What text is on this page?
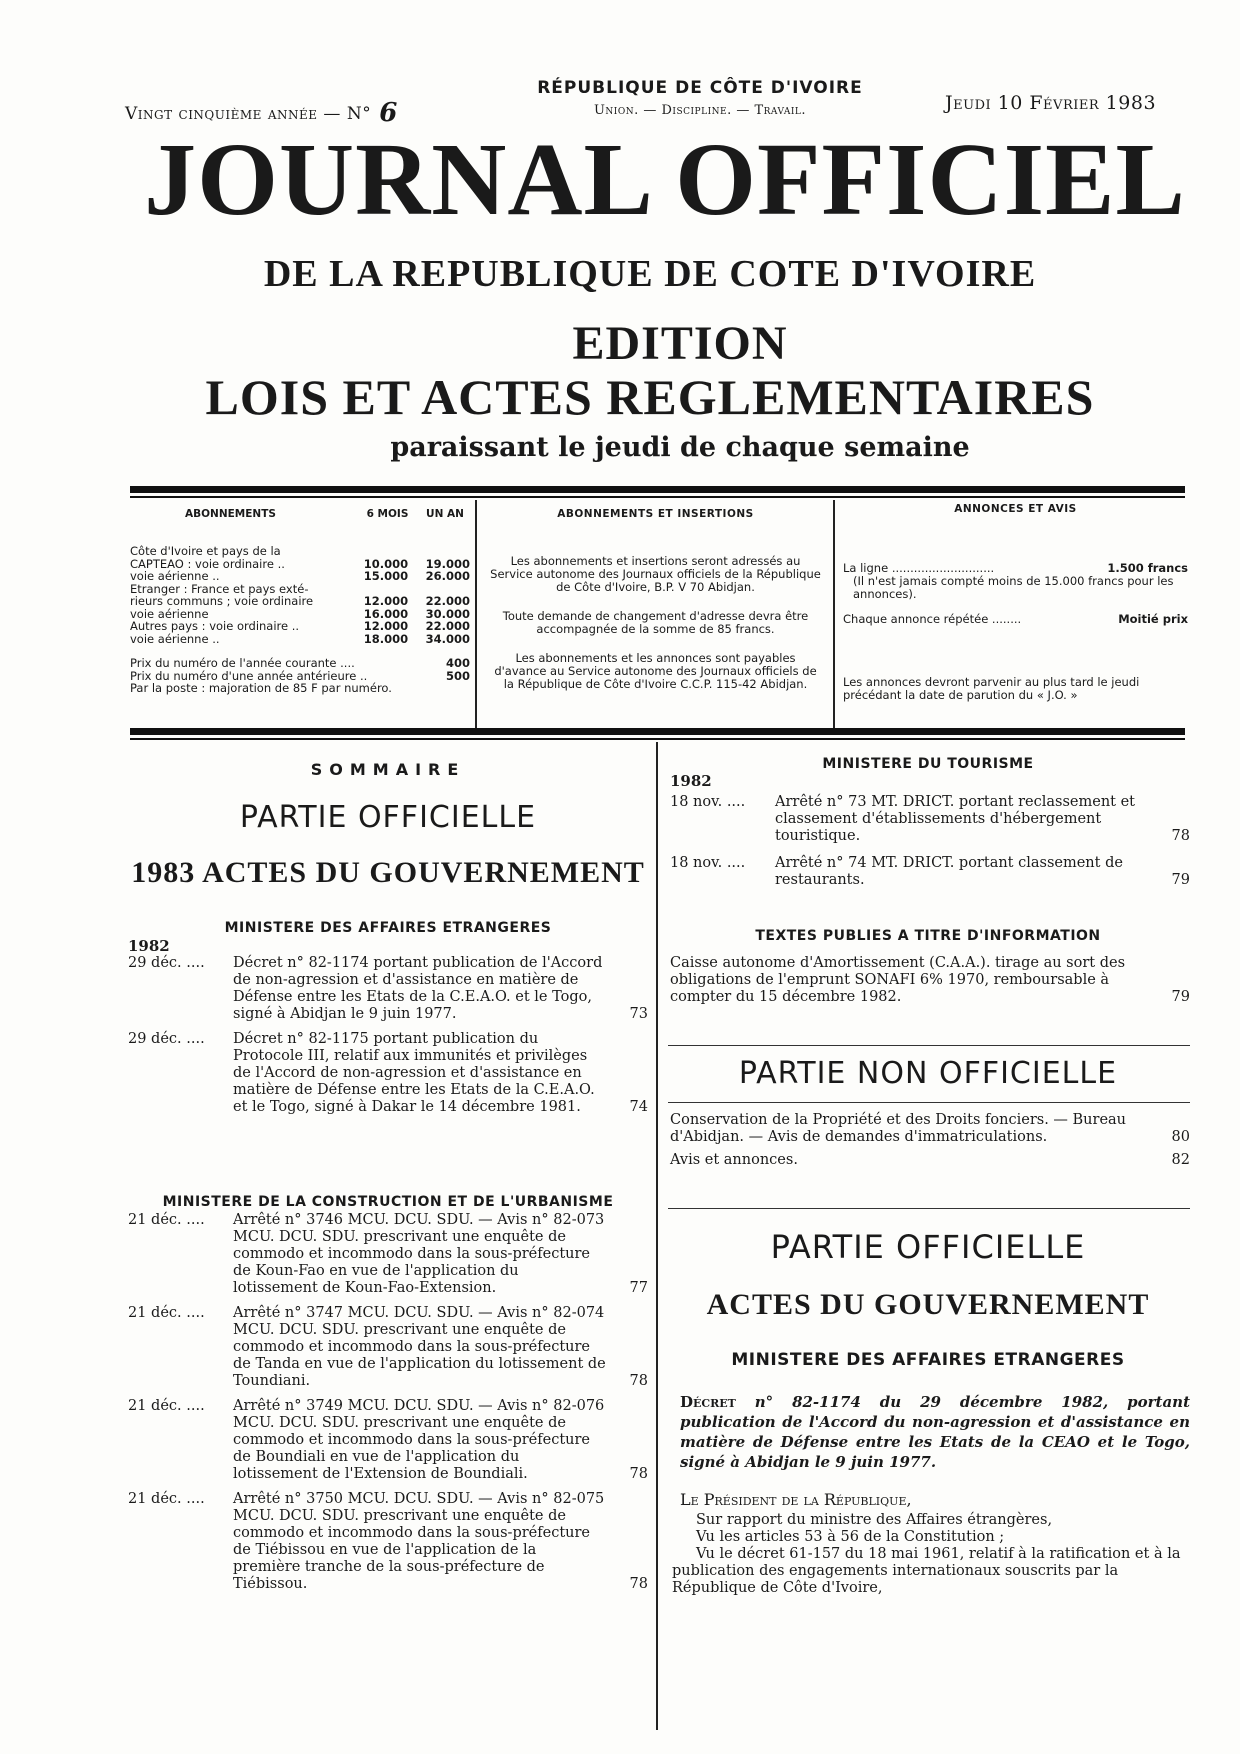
Vingt cinquième année — N° 6
RÉPUBLIQUE DE CÔTE D'IVOIRE
Union. — Discipline. — Travail.	Jeudi 10 Février 1983
JOURNAL OFFICIEL
DE LA REPUBLIQUE DE COTE D'IVOIRE
EDITION
LOIS ET ACTES REGLEMENTAIRES
paraissant le jeudi de chaque semaine
ABONNEMENTS	6 MOIS	UN AN
Côte d'Ivoire et pays de la		
CAPTEAO : voie ordinaire ..	10.000	19.000
voie aérienne ..	15.000	26.000
Etranger : France et pays exté-		
rieurs communs ; voie ordinaire	12.000	22.000
voie aérienne	16.000	30.000
Autres pays : voie ordinaire ..	12.000	22.000
voie aérienne ..	18.000	34.000
Prix du numéro de l'année courante ....	400
Prix du numéro d'une année antérieure ..	500
Par la poste : majoration de 85 F par numéro.	
ABONNEMENTS ET INSERTIONS
Les abonnements et insertions seront adressés au Service autonome des Journaux officiels de la République de Côte d'Ivoire, B.P. V 70 Abidjan.
Toute demande de changement d'adresse devra être accompagnée de la somme de 85 francs.
Les abonnements et les annonces sont payables d'avance au Service autonome des Journaux officiels de la République de Côte d'Ivoire C.C.P. 115-42 Abidjan.
ANNONCES ET AVIS
La ligne ............................	1.500 francs
(Il n'est jamais compté moins de 15.000 francs pour les annonces).
Chaque annonce répétée ........	Moitié prix
Les annonces devront parvenir au plus tard le jeudi précédant la date de parution du « J.O. »
SOMMAIRE
PARTIE OFFICIELLE
1983 ACTES DU GOUVERNEMENT
MINISTERE DES AFFAIRES ETRANGERES
1982
29 déc. ....	Décret n° 82-1174 portant publication de l'Accord de non-agression et d'assistance en matière de Défense entre les Etats de la C.E.A.O. et le Togo, signé à Abidjan le 9 juin 1977.	73
29 déc. ....	Décret n° 82-1175 portant publication du Protocole III, relatif aux immunités et privilèges de l'Accord de non-agression et d'assistance en matière de Défense entre les Etats de la C.E.A.O. et le Togo, signé à Dakar le 14 décembre 1981.	74
MINISTERE DE LA CONSTRUCTION ET DE L'URBANISME
21 déc. ....	Arrêté n° 3746 MCU. DCU. SDU. — Avis n° 82-073 MCU. DCU. SDU. prescrivant une enquête de commodo et incommodo dans la sous-préfecture de Koun-Fao en vue de l'application du lotissement de Koun-Fao-Extension.	77
21 déc. ....	Arrêté n° 3747 MCU. DCU. SDU. — Avis n° 82-074 MCU. DCU. SDU. prescrivant une enquête de commodo et incommodo dans la sous-préfecture de Tanda en vue de l'application du lotissement de Toundiani.	78
21 déc. ....	Arrêté n° 3749 MCU. DCU. SDU. — Avis n° 82-076 MCU. DCU. SDU. prescrivant une enquête de commodo et incommodo dans la sous-préfecture de Boundiali en vue de l'application du lotissement de l'Extension de Boundiali.	78
21 déc. ....	Arrêté n° 3750 MCU. DCU. SDU. — Avis n° 82-075 MCU. DCU. SDU. prescrivant une enquête de commodo et incommodo dans la sous-préfecture de Tiébissou en vue de l'application de la première tranche de la sous-préfecture de Tiébissou.	78
MINISTERE DU TOURISME
1982
18 nov. ....	Arrêté n° 73 MT. DRICT. portant reclassement et classement d'établissements d'hébergement touristique.	78
18 nov. ....	Arrêté n° 74 MT. DRICT. portant classement de restaurants.	79
TEXTES PUBLIES A TITRE D'INFORMATION
Caisse autonome d'Amortissement (C.A.A.). tirage au sort des obligations de l'emprunt SONAFI 6% 1970, remboursable à compter du 15 décembre 1982.	79
PARTIE NON OFFICIELLE
Conservation de la Propriété et des Droits fonciers. — Bureau d'Abidjan. — Avis de demandes d'immatriculations.	80
Avis et annonces.	82
PARTIE OFFICIELLE
ACTES DU GOUVERNEMENT
MINISTERE DES AFFAIRES ETRANGERES
Décret n° 82-1174 du 29 décembre 1982, portant publication de l'Accord du non-agression et d'assistance en matière de Défense entre les Etats de la CEAO et le Togo, signé à Abidjan le 9 juin 1977.
Le Président de la République,
Sur rapport du ministre des Affaires étrangères,
Vu les articles 53 à 56 de la Constitution ;
Vu le décret 61-157 du 18 mai 1961, relatif à la ratification et à la publication des engagements internationaux souscrits par la République de Côte d'Ivoire,
